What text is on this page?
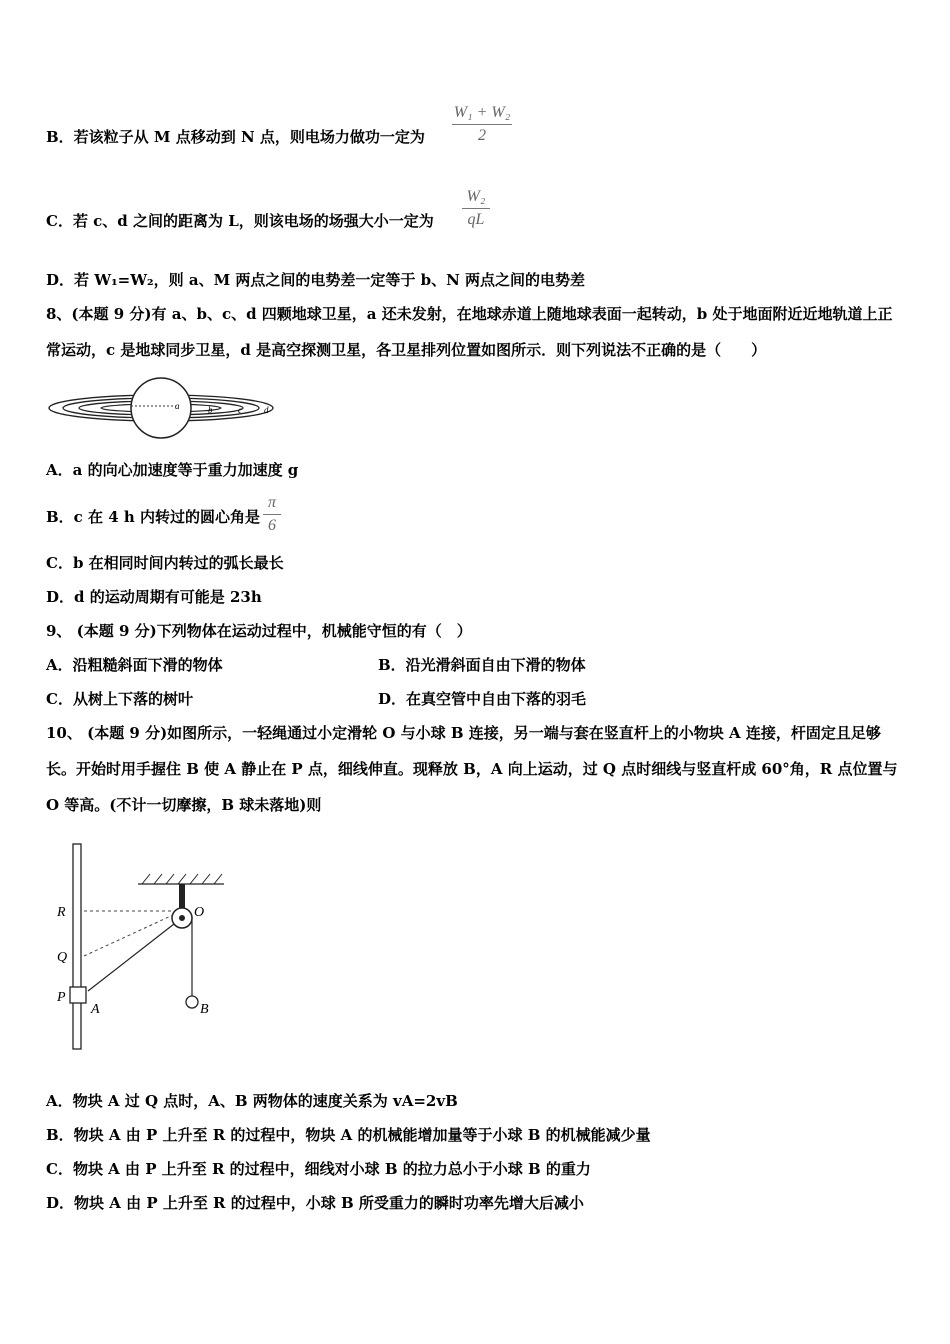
B．若该粒子从 M 点移动到 N 点，则电场力做功一定为
W₁ + W₂
2
C．若 c、d 之间的距离为 L，则该电场的场强大小一定为
W₂
qL
D．若 W₁=W₂，则 a、M 两点之间的电势差一定等于 b、N 两点之间的电势差
8、(本题 9 分)有 a、b、c、d 四颗地球卫星，a 还未发射，在地球赤道上随地球表面一起转动，b 处于地面附近近地轨道上正常运动，c 是地球同步卫星，d 是高空探测卫星，各卫星排列位置如图所示．则下列说法不正确的是（　　）
a	b	c d
A．a 的向心加速度等于重力加速度 g
B．c 在 4 h 内转过的圆心角是
π
6
C．b 在相同时间内转过的弧长最长
D．d 的运动周期有可能是 23h
9、 (本题 9 分)下列物体在运动过程中，机械能守恒的有（　）
A．沿粗糙斜面下滑的物体	B．沿光滑斜面自由下滑的物体
C．从树上下落的树叶	D．在真空管中自由下落的羽毛
10、 (本题 9 分)如图所示，一轻绳通过小定滑轮 O 与小球 B 连接，另一端与套在竖直杆上的小物块 A 连接，杆固定且足够长。开始时用手握住 B 使 A 静止在 P 点，细线伸直。现释放 B，A 向上运动，过 Q 点时细线与竖直杆成 60°角，R 点位置与 O 等高。(不计一切摩擦，B 球未落地)则
R
Q
P
O
A	B
A．物块 A 过 Q 点时，A、B 两物体的速度关系为 vA=2vB
B．物块 A 由 P 上升至 R 的过程中，物块 A 的机械能增加量等于小球 B 的机械能减少量
C．物块 A 由 P 上升至 R 的过程中，细线对小球 B 的拉力总小于小球 B 的重力
D．物块 A 由 P 上升至 R 的过程中，小球 B 所受重力的瞬时功率先增大后减小
